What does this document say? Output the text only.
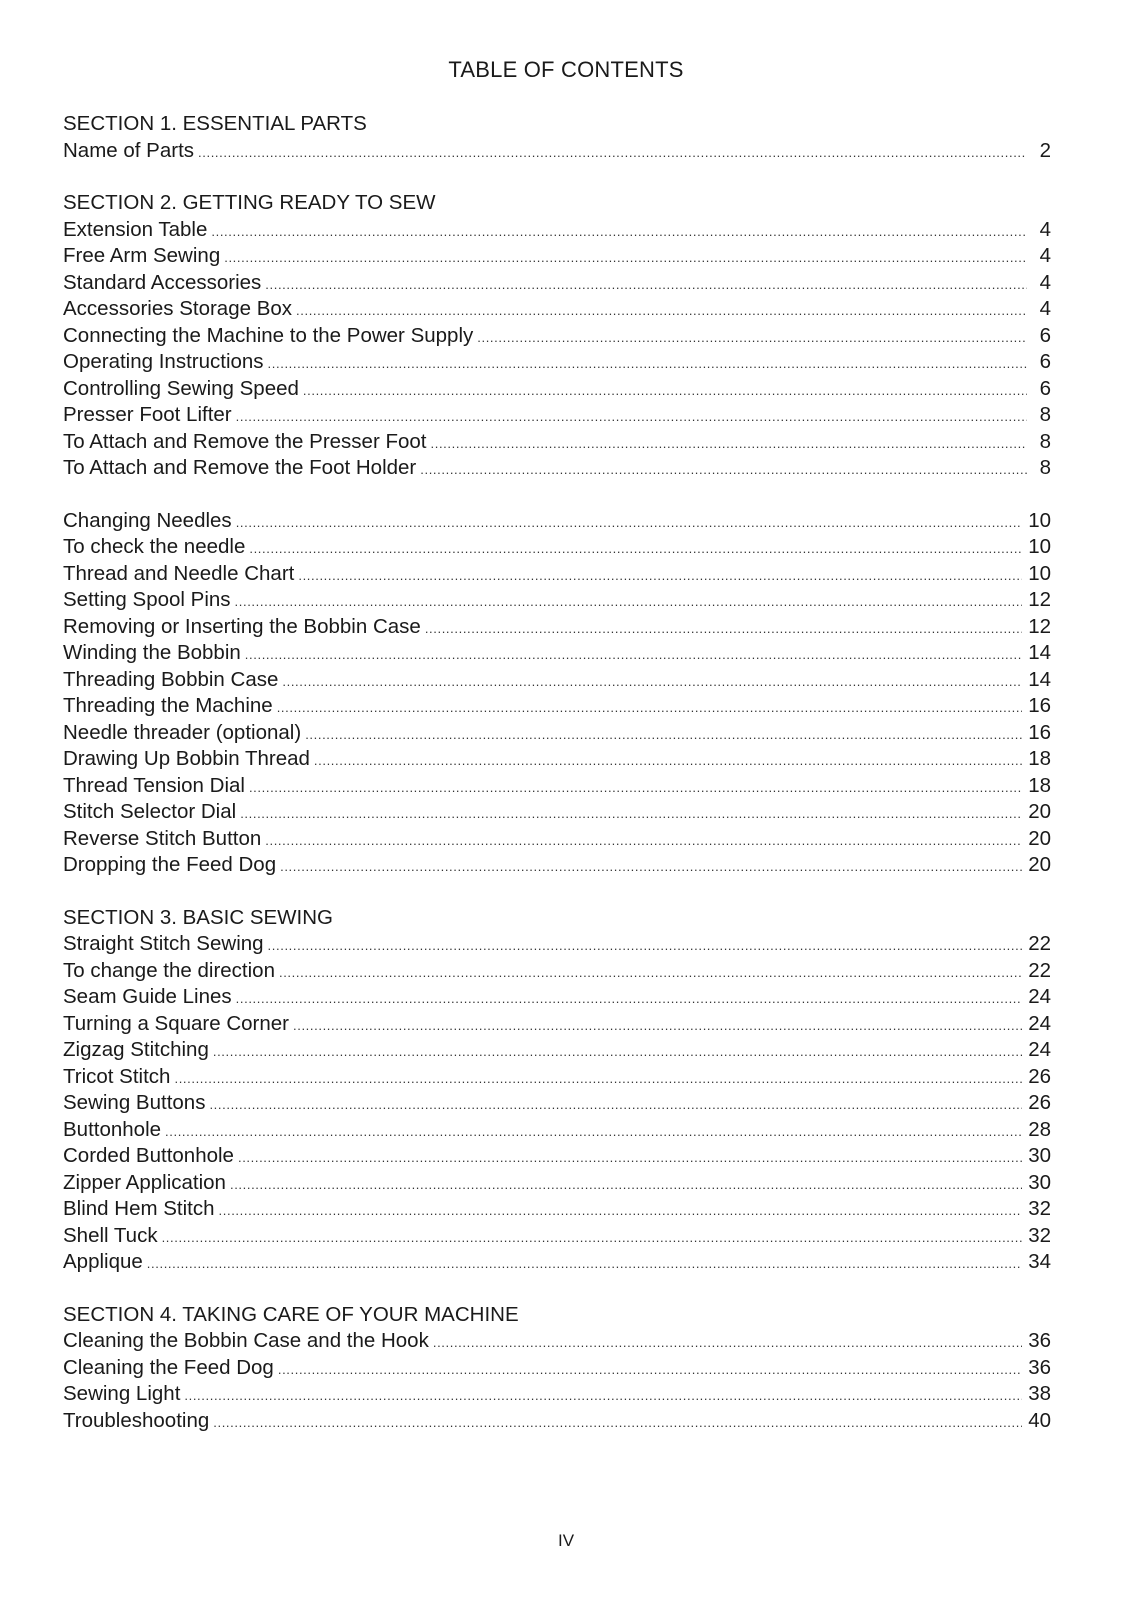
TABLE OF CONTENTS
SECTION 1. ESSENTIAL PARTS
Name of Parts . . .	2
SECTION 2. GETTING READY TO SEW
Extension Table . . .	4
Free Arm Sewing . . .	4
Standard Accessories . . .	4
Accessories Storage Box . . .	4
Connecting the Machine to the Power Supply . . .	6
Operating Instructions . . .	6
Controlling Sewing Speed . . .	6
Presser Foot Lifter . . .	8
To Attach and Remove the Presser Foot . . .	8
To Attach and Remove the Foot Holder . . .	8
Changing Needles . . .	10
To check the needle . . .	10
Thread and Needle Chart . . .	10
Setting Spool Pins . . .	12
Removing or Inserting the Bobbin Case . . .	12
Winding the Bobbin . . .	14
Threading Bobbin Case . . .	14
Threading the Machine . . .	16
Needle threader (optional) . . .	16
Drawing Up Bobbin Thread . . .	18
Thread Tension Dial . . .	18
Stitch Selector Dial . . .	20
Reverse Stitch Button . . .	20
Dropping the Feed Dog . . .	20
SECTION 3. BASIC SEWING
Straight Stitch Sewing . . .	22
To change the direction . . .	22
Seam Guide Lines . . .	24
Turning a Square Corner . . .	24
Zigzag Stitching . . .	24
Tricot Stitch . . .	26
Sewing Buttons . . .	26
Buttonhole . . .	28
Corded Buttonhole . . .	30
Zipper Application . . .	30
Blind Hem Stitch . . .	32
Shell Tuck . . .	32
Applique . . .	34
SECTION 4. TAKING CARE OF YOUR MACHINE
Cleaning the Bobbin Case and the Hook . . .	36
Cleaning the Feed Dog . . .	36
Sewing Light . . .	38
Troubleshooting . . .	40
IV
